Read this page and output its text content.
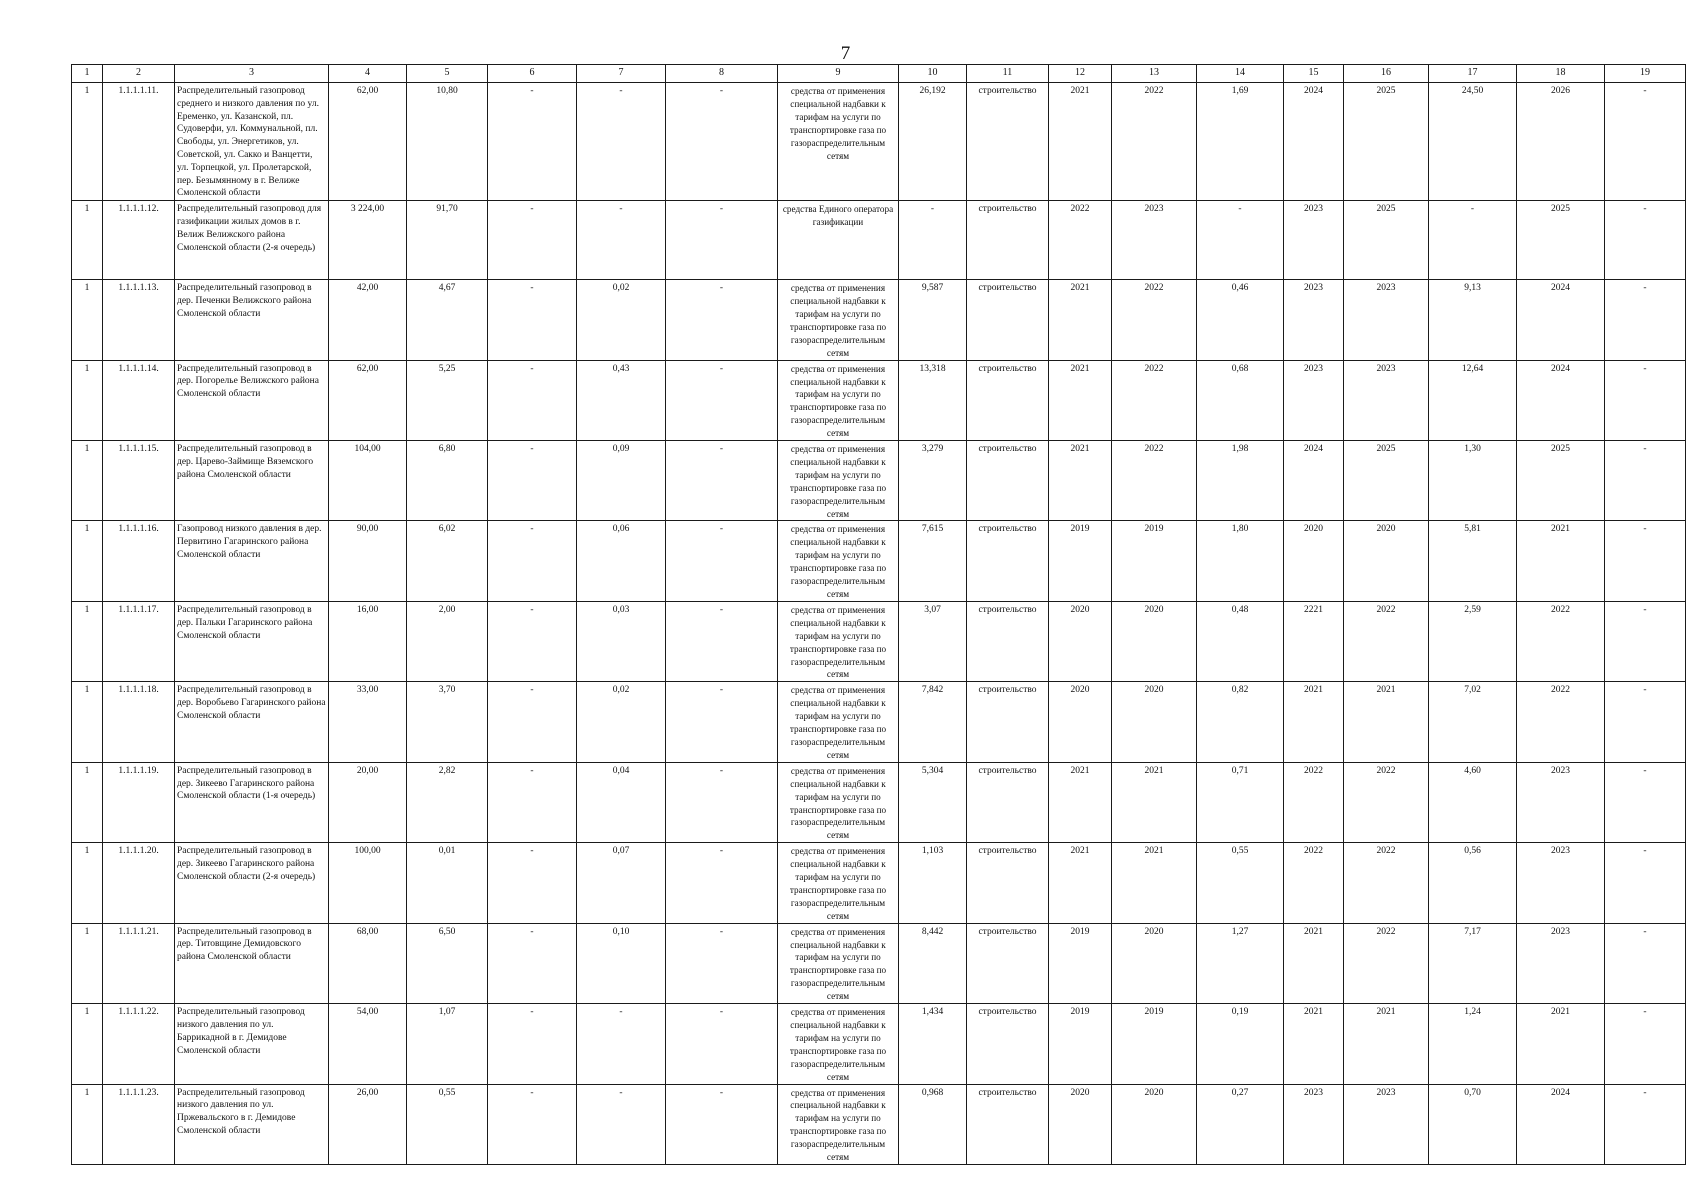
7
1	2	3	4	5	6	7	8	9	10	11	12	13	14	15	16	17	18	19
1	1.1.1.1.11.	Распределительный газопровод среднего и низкого давления по ул. Еременко, ул. Казанской, пл. Судоверфи, ул. Коммунальной, пл. Свободы, ул. Энергетиков, ул. Советской, ул. Сакко и Ванцетти, ул. Торпецкой, ул. Пролетарской, пер. Безымянному в г. Велиже Смоленской области	62,00	10,80	-	-	-	средства от применения специальной надбавки к тарифам на услуги по транспортировке газа по газораспределительным сетям	26,192	строительство	2021	2022	1,69	2024	2025	24,50	2026	-
1	1.1.1.1.12.	Распределительный газопровод для газификации жилых домов в г. Велиж Велижского района Смоленской области (2-я очередь)	3 224,00	91,70	-	-	-	средства Единого оператора газификации	-	строительство	2022	2023	-	2023	2025	-	2025	-
1	1.1.1.1.13.	Распределительный газопровод в дер. Печенки Велижского района Смоленской области	42,00	4,67	-	0,02	-	средства от применения специальной надбавки к тарифам на услуги по транспортировке газа по газораспределительным сетям	9,587	строительство	2021	2022	0,46	2023	2023	9,13	2024	-
1	1.1.1.1.14.	Распределительный газопровод в дер. Погорелье Велижского района Смоленской области	62,00	5,25	-	0,43	-	средства от применения специальной надбавки к тарифам на услуги по транспортировке газа по газораспределительным сетям	13,318	строительство	2021	2022	0,68	2023	2023	12,64	2024	-
1	1.1.1.1.15.	Распределительный газопровод в дер. Царево-Займище Вяземского района Смоленской области	104,00	6,80	-	0,09	-	средства от применения специальной надбавки к тарифам на услуги по транспортировке газа по газораспределительным сетям	3,279	строительство	2021	2022	1,98	2024	2025	1,30	2025	-
1	1.1.1.1.16.	Газопровод низкого давления в дер. Первитино Гагаринского района Смоленской области	90,00	6,02	-	0,06	-	средства от применения специальной надбавки к тарифам на услуги по транспортировке газа по газораспределительным сетям	7,615	строительство	2019	2019	1,80	2020	2020	5,81	2021	-
1	1.1.1.1.17.	Распределительный газопровод в дер. Пальки Гагаринского района Смоленской области	16,00	2,00	-	0,03	-	средства от применения специальной надбавки к тарифам на услуги по транспортировке газа по газораспределительным сетям	3,07	строительство	2020	2020	0,48	2221	2022	2,59	2022	-
1	1.1.1.1.18.	Распределительный газопровод в дер. Воробьево Гагаринского района Смоленской области	33,00	3,70	-	0,02	-	средства от применения специальной надбавки к тарифам на услуги по транспортировке газа по газораспределительным сетям	7,842	строительство	2020	2020	0,82	2021	2021	7,02	2022	-
1	1.1.1.1.19.	Распределительный газопровод в дер. Зикеево Гагаринского района Смоленской области (1-я очередь)	20,00	2,82	-	0,04	-	средства от применения специальной надбавки к тарифам на услуги по транспортировке газа по газораспределительным сетям	5,304	строительство	2021	2021	0,71	2022	2022	4,60	2023	-
1	1.1.1.1.20.	Распределительный газопровод в дер. Зикеево Гагаринского района Смоленской области (2-я очередь)	100,00	0,01	-	0,07	-	средства от применения специальной надбавки к тарифам на услуги по транспортировке газа по газораспределительным сетям	1,103	строительство	2021	2021	0,55	2022	2022	0,56	2023	-
1	1.1.1.1.21.	Распределительный газопровод в дер. Титовщине Демидовского района Смоленской области	68,00	6,50	-	0,10	-	средства от применения специальной надбавки к тарифам на услуги по транспортировке газа по газораспределительным сетям	8,442	строительство	2019	2020	1,27	2021	2022	7,17	2023	-
1	1.1.1.1.22.	Распределительный газопровод низкого давления по ул. Баррикадной в г. Демидове Смоленской области	54,00	1,07	-	-	-	средства от применения специальной надбавки к тарифам на услуги по транспортировке газа по газораспределительным сетям	1,434	строительство	2019	2019	0,19	2021	2021	1,24	2021	-
1	1.1.1.1.23.	Распределительный газопровод низкого давления по ул. Пржевальского в г. Демидове Смоленской области	26,00	0,55	-	-	-	средства от применения специальной надбавки к тарифам на услуги по транспортировке газа по газораспределительным сетям	0,968	строительство	2020	2020	0,27	2023	2023	0,70	2024	-
